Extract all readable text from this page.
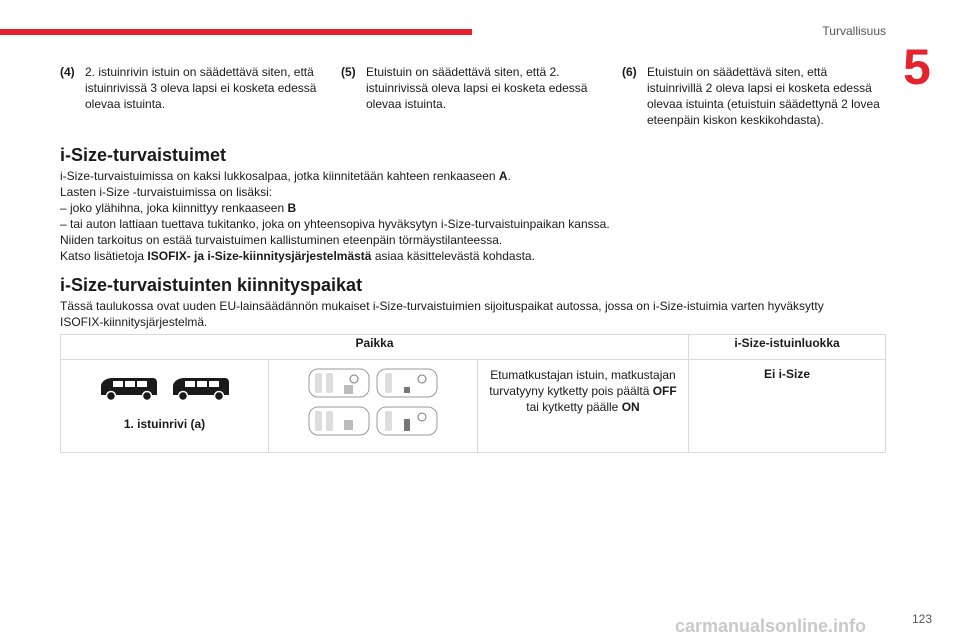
Turvallisuus
5
(4) 2. istuinrivin istuin on säädettävä siten, että
istuinrivissä 3 oleva lapsi ei kosketa edessä
olevaa istuinta.
(5) Etuistuin on säädettävä siten, että 2.
istuinrivissä oleva lapsi ei kosketa edessä
olevaa istuinta.
(6) Etuistuin on säädettävä siten, että
istuinrivillä 2 oleva lapsi ei kosketa edessä
olevaa istuinta (etuistuin säädettynä 2 lovea
eteenpäin kiskon keskikohdasta).
i-Size-turvaistuimet
i-Size-turvaistuimissa on kaksi lukkosalpaa, jotka kiinnitetään kahteen renkaaseen A.
Lasten i-Size -turvaistuimissa on lisäksi:
– joko ylähihna, joka kiinnittyy renkaaseen B
– tai auton lattiaan tuettava tukitanko, joka on yhteensopiva hyväksytyn i-Size-turvaistuinpaikan kanssa.
Niiden tarkoitus on estää turvaistuimen kallistuminen eteenpäin törmäystilanteessa.
Katso lisätietoja ISOFIX- ja i-Size-kiinnitysjärjestelmästä asiaa käsittelevästä kohdasta.
i-Size-turvaistuinten kiinnityspaikat
Tässä taulukossa ovat uuden EU-lainsäädännön mukaiset i-Size-turvaistuimien sijoituspaikat autossa, jossa on i-Size-istuimia varten hyväksytty
ISOFIX-kiinnitysjärjestelmä.
Paikka			i-Size-istuinluokka

1. istuinrivi (a)		Etumatkustajan istuin, matkustajan
turvatyyny kytketty pois päältä OFF
tai kytketty päälle ON	Ei i-Size
123
carmanualsonline.info
